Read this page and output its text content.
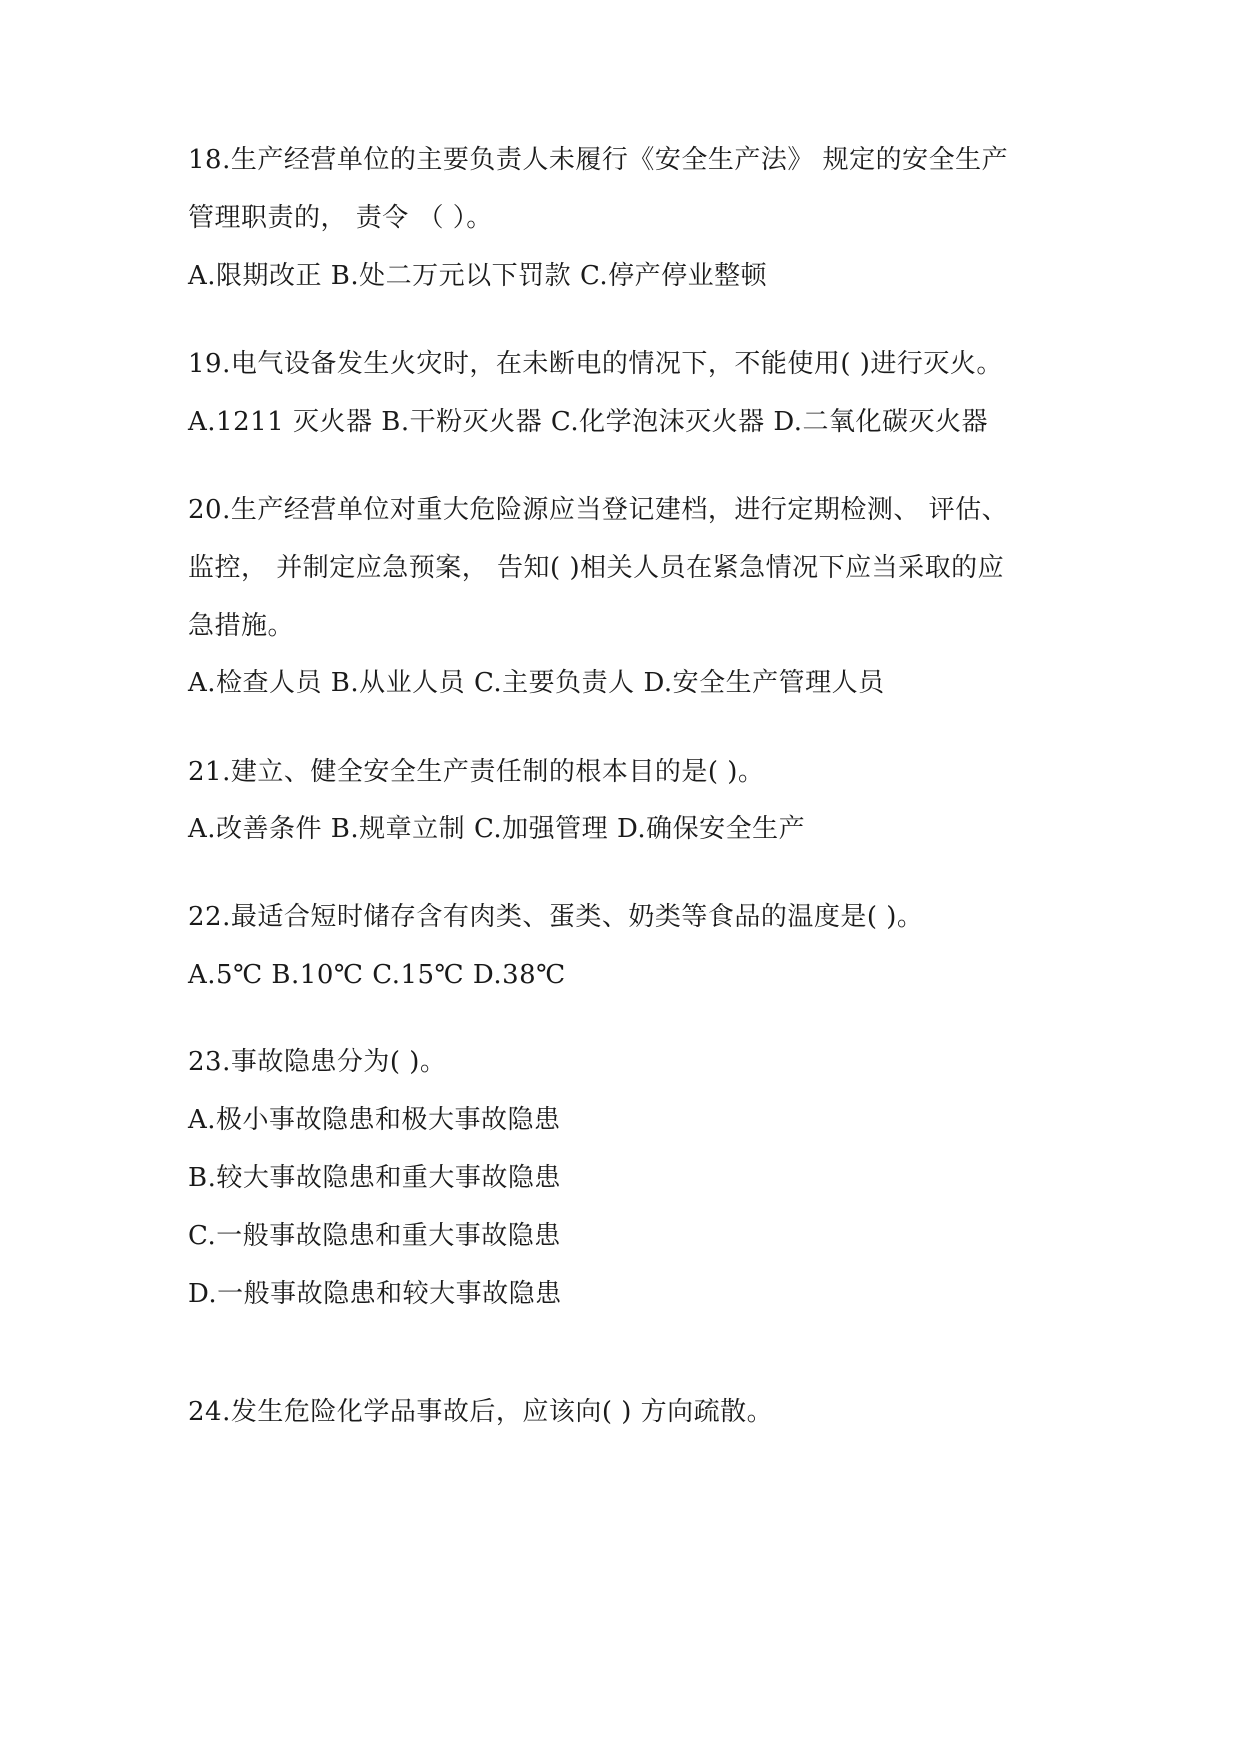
18.生产经营单位的主要负责人未履行《安全生产法》 规定的安全生产
管理职责的， 责令 （ ）。
A.限期改正 B.处二万元以下罚款 C.停产停业整顿
19.电气设备发生火灾时，在未断电的情况下，不能使用( )进行灭火。
A.1211 灭火器 B.干粉灭火器 C.化学泡沫灭火器 D.二氧化碳灭火器
20.生产经营单位对重大危险源应当登记建档，进行定期检测、 评估、
监控， 并制定应急预案， 告知( )相关人员在紧急情况下应当采取的应
急措施。
A.检查人员 B.从业人员 C.主要负责人 D.安全生产管理人员
21.建立、健全安全生产责任制的根本目的是( )。
A.改善条件 B.规章立制 C.加强管理 D.确保安全生产
22.最适合短时储存含有肉类、蛋类、奶类等食品的温度是( )。
A.5℃ B.10℃ C.15℃ D.38℃
23.事故隐患分为( )。
A.极小事故隐患和极大事故隐患
B.较大事故隐患和重大事故隐患
C.一般事故隐患和重大事故隐患
D.一般事故隐患和较大事故隐患
24.发生危险化学品事故后，应该向( ) 方向疏散。
